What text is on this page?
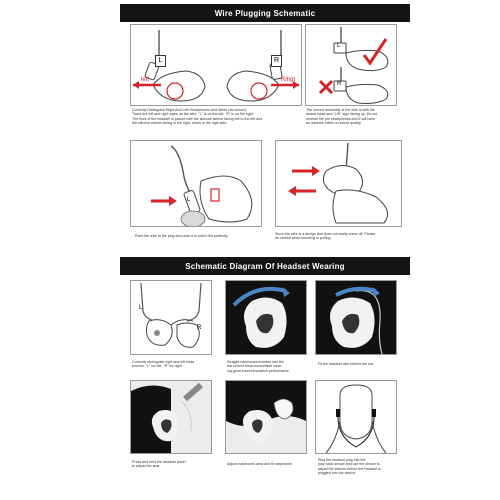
Wire Plugging Schematic
L	R
left	Rihgt
L
R
Correctly Distinguish Right And Left Headphones And Wires (as shown).
There are left and right signs on the wire, "L" is on the left, "R" is on the right.
The front of the headset is placed with the silicone sleeve facing left to the left and
the silicone sleeve facing to the right, which is the right side.
The correct assembly of the wire is with the
nearer head and "L/R" sign facing up. Do not
reverse the pin headphones and it will have
an adverse effect on sound quality.
L
Point the wire to the plug and push it in until it fits perfectly.	Since the wire is a design that does not easily come off, Please
be careful when inserting or pulling.
Schematic Diagram Of Headset Wearing
L
R
Correctly distinguish right and left head
phones, "L" for left, "R" for right.
Straight earphones inserted into the
ear,correct wear,comfortable wear-
ing,good sound insulation performance
Fit the headset wire behind the ear.
Press and hold the headset panel
to adjust the seat.
Adjust earphones area and fit earphones
Plug the headset plug into the
play back device and use the device to
adjust the volume before the headset is
plugged into the device.
